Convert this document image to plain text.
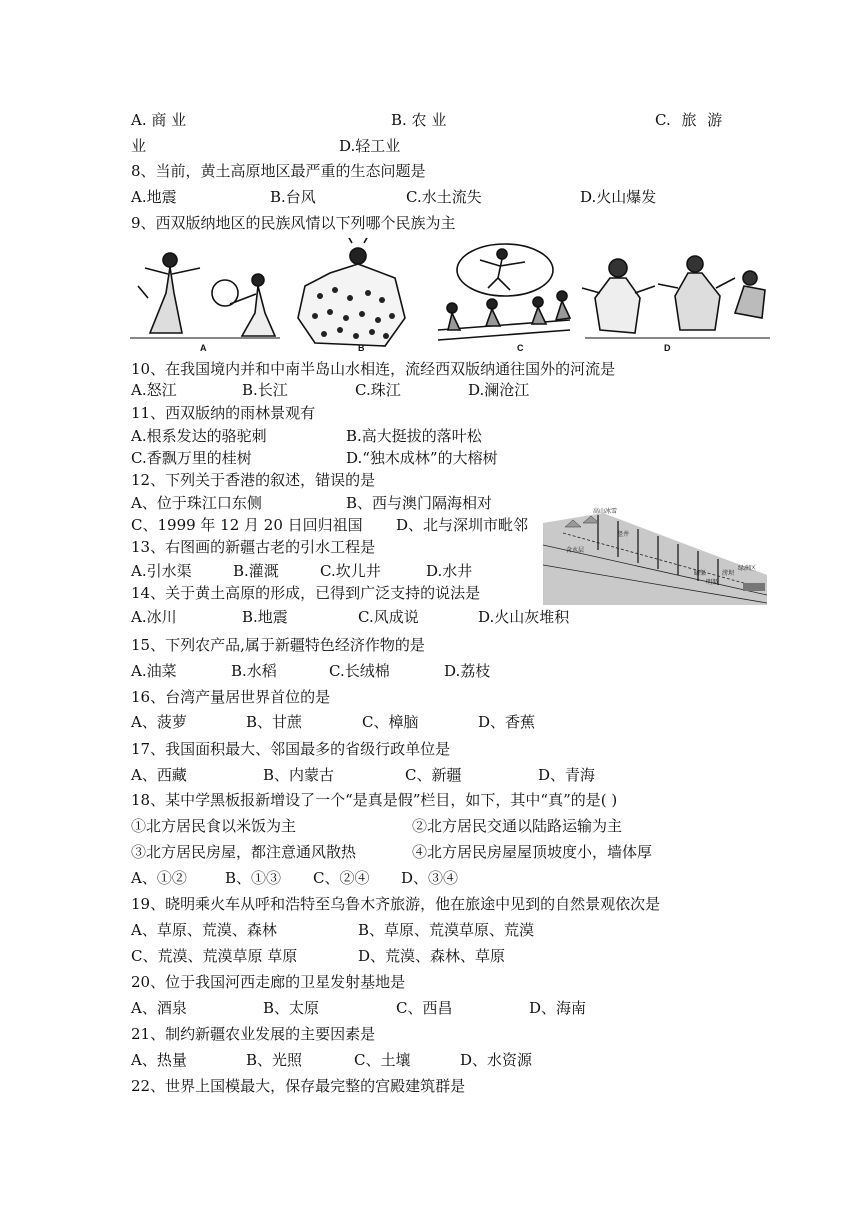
A. 商 业	B. 农 业	C. 旅 游
业	D.轻工业
8、当前，黄土高原地区最严重的生态问题是
A.地震	B.台风	C.水土流失	D.火山爆发
9、西双版纳地区的民族风情以下列哪个民族为主
A	B	C	D
10、在我国境内并和中南半岛山水相连，流经西双版纳通往国外的河流是
A.怒江	B.长江	C.珠江	D.澜沧江
11、西双版纳的雨林景观有
A.根系发达的骆驼刺	B.高大挺拔的落叶松
C.香飘万里的桂树	D.“独木成林”的大榕树
12、下列关于香港的叙述，错误的是
A、位于珠江口东侧	B、西与澳门隔海相对
C、1999 年 12 月 20 日回归祖国 D、北与深圳市毗邻
高山冰雪
含水层
竖井
暗渠
明渠
涝坝
绿洲区
13、右图画的新疆古老的引水工程是
A.引水渠	B.灌溉	C.坎儿井	D.水井
14、关于黄土高原的形成，已得到广泛支持的说法是
A.冰川	B.地震	C.风成说	D.火山灰堆积
15、下列农产品,属于新疆特色经济作物的是
A.油菜	B.水稻	C.长绒棉	D.荔枝
16、台湾产量居世界首位的是
A、菠萝	B、甘蔗	C、樟脑	D、香蕉
17、我国面积最大、邻国最多的省级行政单位是
A、西藏	B、内蒙古	C、新疆	D、青海
18、某中学黑板报新增设了一个“是真是假”栏目，如下，其中“真”的是( )
①北方居民食以米饭为主	②北方居民交通以陆路运输为主
③北方居民房屋，都注意通风散热	④北方居民房屋屋顶坡度小，墙体厚
A、①②	B、①③ C、②④ D、③④
19、晓明乘火车从呼和浩特至乌鲁木齐旅游，他在旅途中见到的自然景观依次是
A、草原、荒漠、森林	B、草原、荒漠草原、荒漠
C、荒漠、荒漠草原 草原	D、荒漠、森林、草原
20、位于我国河西走廊的卫星发射基地是
A、酒泉	B、太原	C、西昌	D、海南
21、制约新疆农业发展的主要因素是
A、热量	B、光照	C、土壤	D、水资源
22、世界上国模最大，保存最完整的宫殿建筑群是
